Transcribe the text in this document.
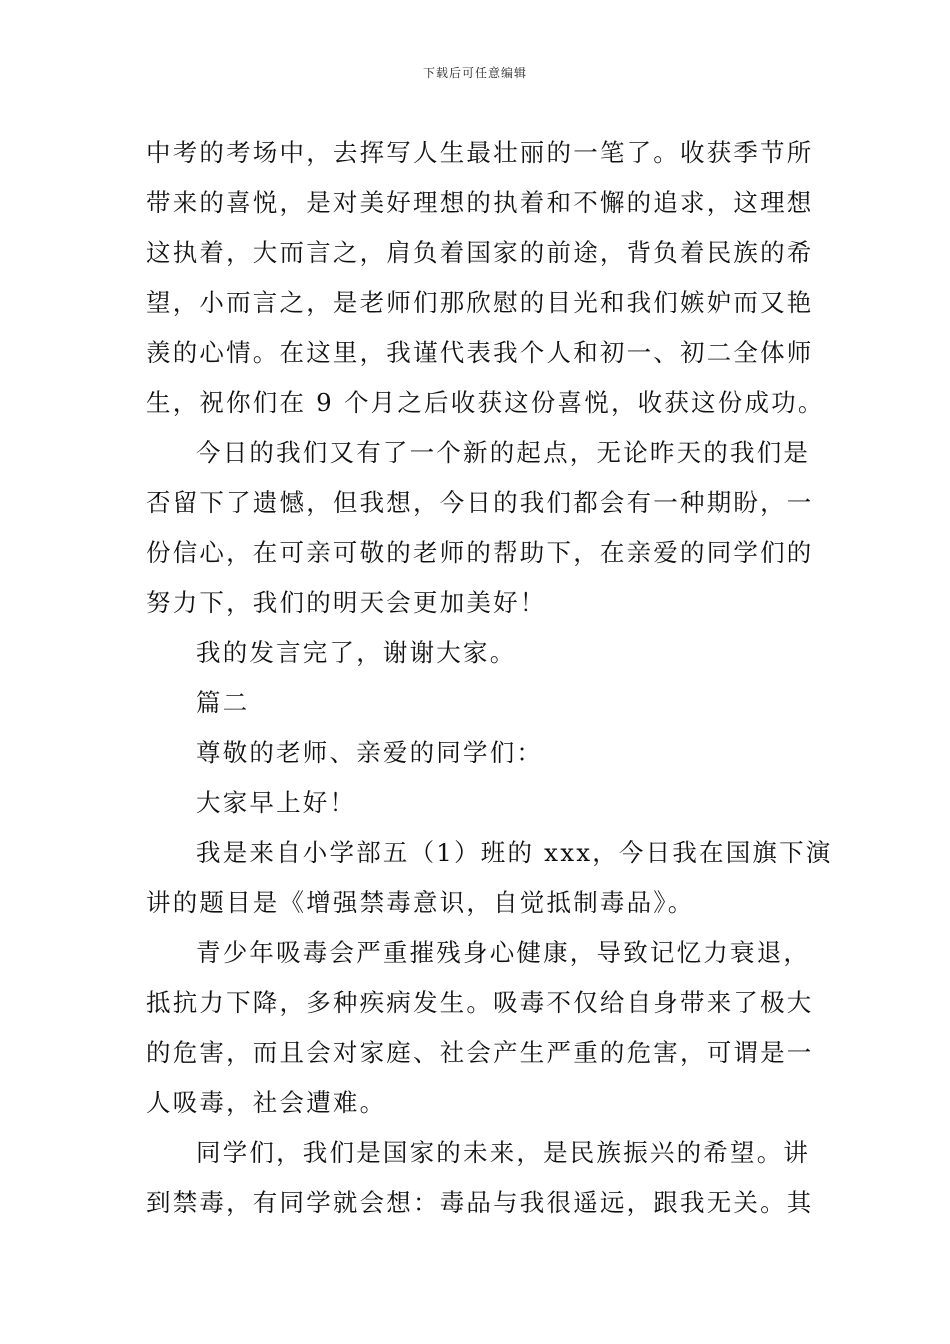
下载后可任意编辑
中考的考场中，去挥写人生最壮丽的一笔了。收获季节所
带来的喜悦，是对美好理想的执着和不懈的追求，这理想
这执着，大而言之，肩负着国家的前途，背负着民族的希
望，小而言之，是老师们那欣慰的目光和我们嫉妒而又艳
羡的心情。在这里，我谨代表我个人和初一、初二全体师
生，祝你们在 9 个月之后收获这份喜悦，收获这份成功。
今日的我们又有了一个新的起点，无论昨天的我们是
否留下了遗憾，但我想，今日的我们都会有一种期盼，一
份信心，在可亲可敬的老师的帮助下，在亲爱的同学们的
努力下，我们的明天会更加美好！
我的发言完了，谢谢大家。
篇二
尊敬的老师、亲爱的同学们：
大家早上好！
我是来自小学部五（1）班的 xxx，今日我在国旗下演
讲的题目是《增强禁毒意识，自觉抵制毒品》。
青少年吸毒会严重摧残身心健康，导致记忆力衰退，
抵抗力下降，多种疾病发生。吸毒不仅给自身带来了极大
的危害，而且会对家庭、社会产生严重的危害，可谓是一
人吸毒，社会遭难。
同学们，我们是国家的未来，是民族振兴的希望。讲
到禁毒，有同学就会想：毒品与我很遥远，跟我无关。其
